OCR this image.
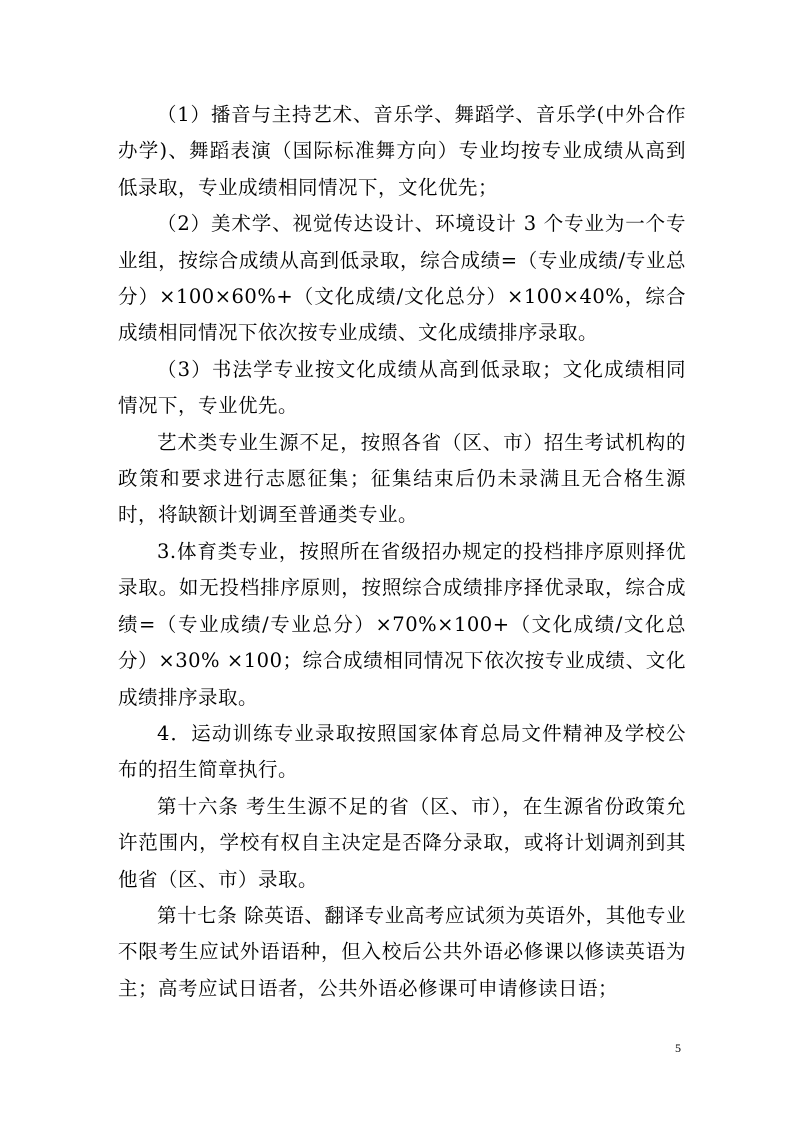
（1）播音与主持艺术、音乐学、舞蹈学、音乐学(中外合作办学)、舞蹈表演（国际标准舞方向）专业均按专业成绩从高到低录取，专业成绩相同情况下，文化优先；

（2）美术学、视觉传达设计、环境设计 3 个专业为一个专业组，按综合成绩从高到低录取，综合成绩=（专业成绩/专业总分）×100×60%+（文化成绩/文化总分）×100×40%，综合成绩相同情况下依次按专业成绩、文化成绩排序录取。

（3）书法学专业按文化成绩从高到低录取；文化成绩相同情况下，专业优先。

艺术类专业生源不足，按照各省（区、市）招生考试机构的政策和要求进行志愿征集；征集结束后仍未录满且无合格生源时，将缺额计划调至普通类专业。

3.体育类专业，按照所在省级招办规定的投档排序原则择优录取。如无投档排序原则，按照综合成绩排序择优录取，综合成绩=（专业成绩/专业总分）×70%×100+（文化成绩/文化总分）×30% ×100；综合成绩相同情况下依次按专业成绩、文化成绩排序录取。

4．运动训练专业录取按照国家体育总局文件精神及学校公布的招生简章执行。

第十六条 考生生源不足的省（区、市），在生源省份政策允许范围内，学校有权自主决定是否降分录取，或将计划调剂到其他省（区、市）录取。

第十七条 除英语、翻译专业高考应试须为英语外，其他专业不限考生应试外语语种，但入校后公共外语必修课以修读英语为主；高考应试日语者，公共外语必修课可申请修读日语；

5
